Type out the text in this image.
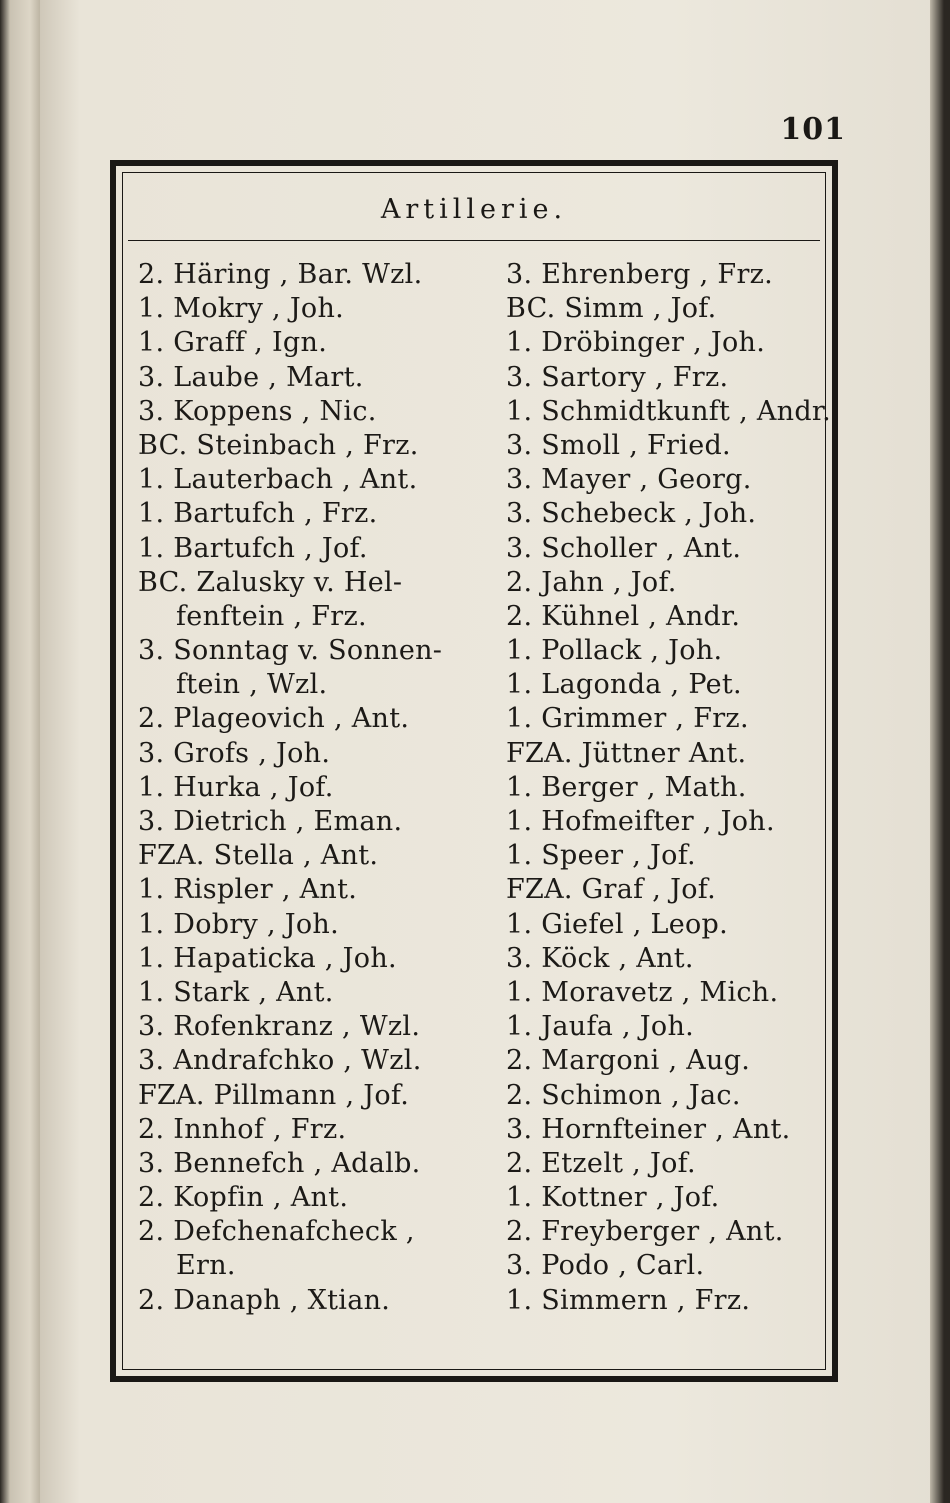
101
Artillerie.
2. Häring , Bar. Wzl.
1. Mokry , Joh.
1. Graff , Ign.
3. Laube , Mart.
3. Koppens , Nic.
BC. Steinbach , Frz.
1. Lauterbach , Ant.
1. Bartufch , Frz.
1. Bartufch , Jof.
BC. Zalusky v. Hel-
fenftein , Frz.
3. Sonntag v. Sonnen-
ftein , Wzl.
2. Plageovich , Ant.
3. Grofs , Joh.
1. Hurka , Jof.
3. Dietrich , Eman.
FZA. Stella , Ant.
1. Rispler , Ant.
1. Dobry , Joh.
1. Hapaticka , Joh.
1. Stark , Ant.
3. Rofenkranz , Wzl.
3. Andrafchko , Wzl.
FZA. Pillmann , Jof.
2. Innhof , Frz.
3. Bennefch , Adalb.
2. Kopfin , Ant.
2. Defchenafcheck ,
Ern.
2. Danaph , Xtian.
3. Ehrenberg , Frz.
BC. Simm , Jof.
1. Dröbinger , Joh.
3. Sartory , Frz.
1. Schmidtkunft , Andr.
3. Smoll , Fried.
3. Mayer , Georg.
3. Schebeck , Joh.
3. Scholler , Ant.
2. Jahn , Jof.
2. Kühnel , Andr.
1. Pollack , Joh.
1. Lagonda , Pet.
1. Grimmer , Frz.
FZA. Jüttner Ant.
1. Berger , Math.
1. Hofmeifter , Joh.
1. Speer , Jof.
FZA. Graf , Jof.
1. Giefel , Leop.
3. Köck , Ant.
1. Moravetz , Mich.
1. Jaufa , Joh.
2. Margoni , Aug.
2. Schimon , Jac.
3. Hornfteiner , Ant.
2. Etzelt , Jof.
1. Kottner , Jof.
2. Freyberger , Ant.
3. Podo , Carl.
1. Simmern , Frz.
